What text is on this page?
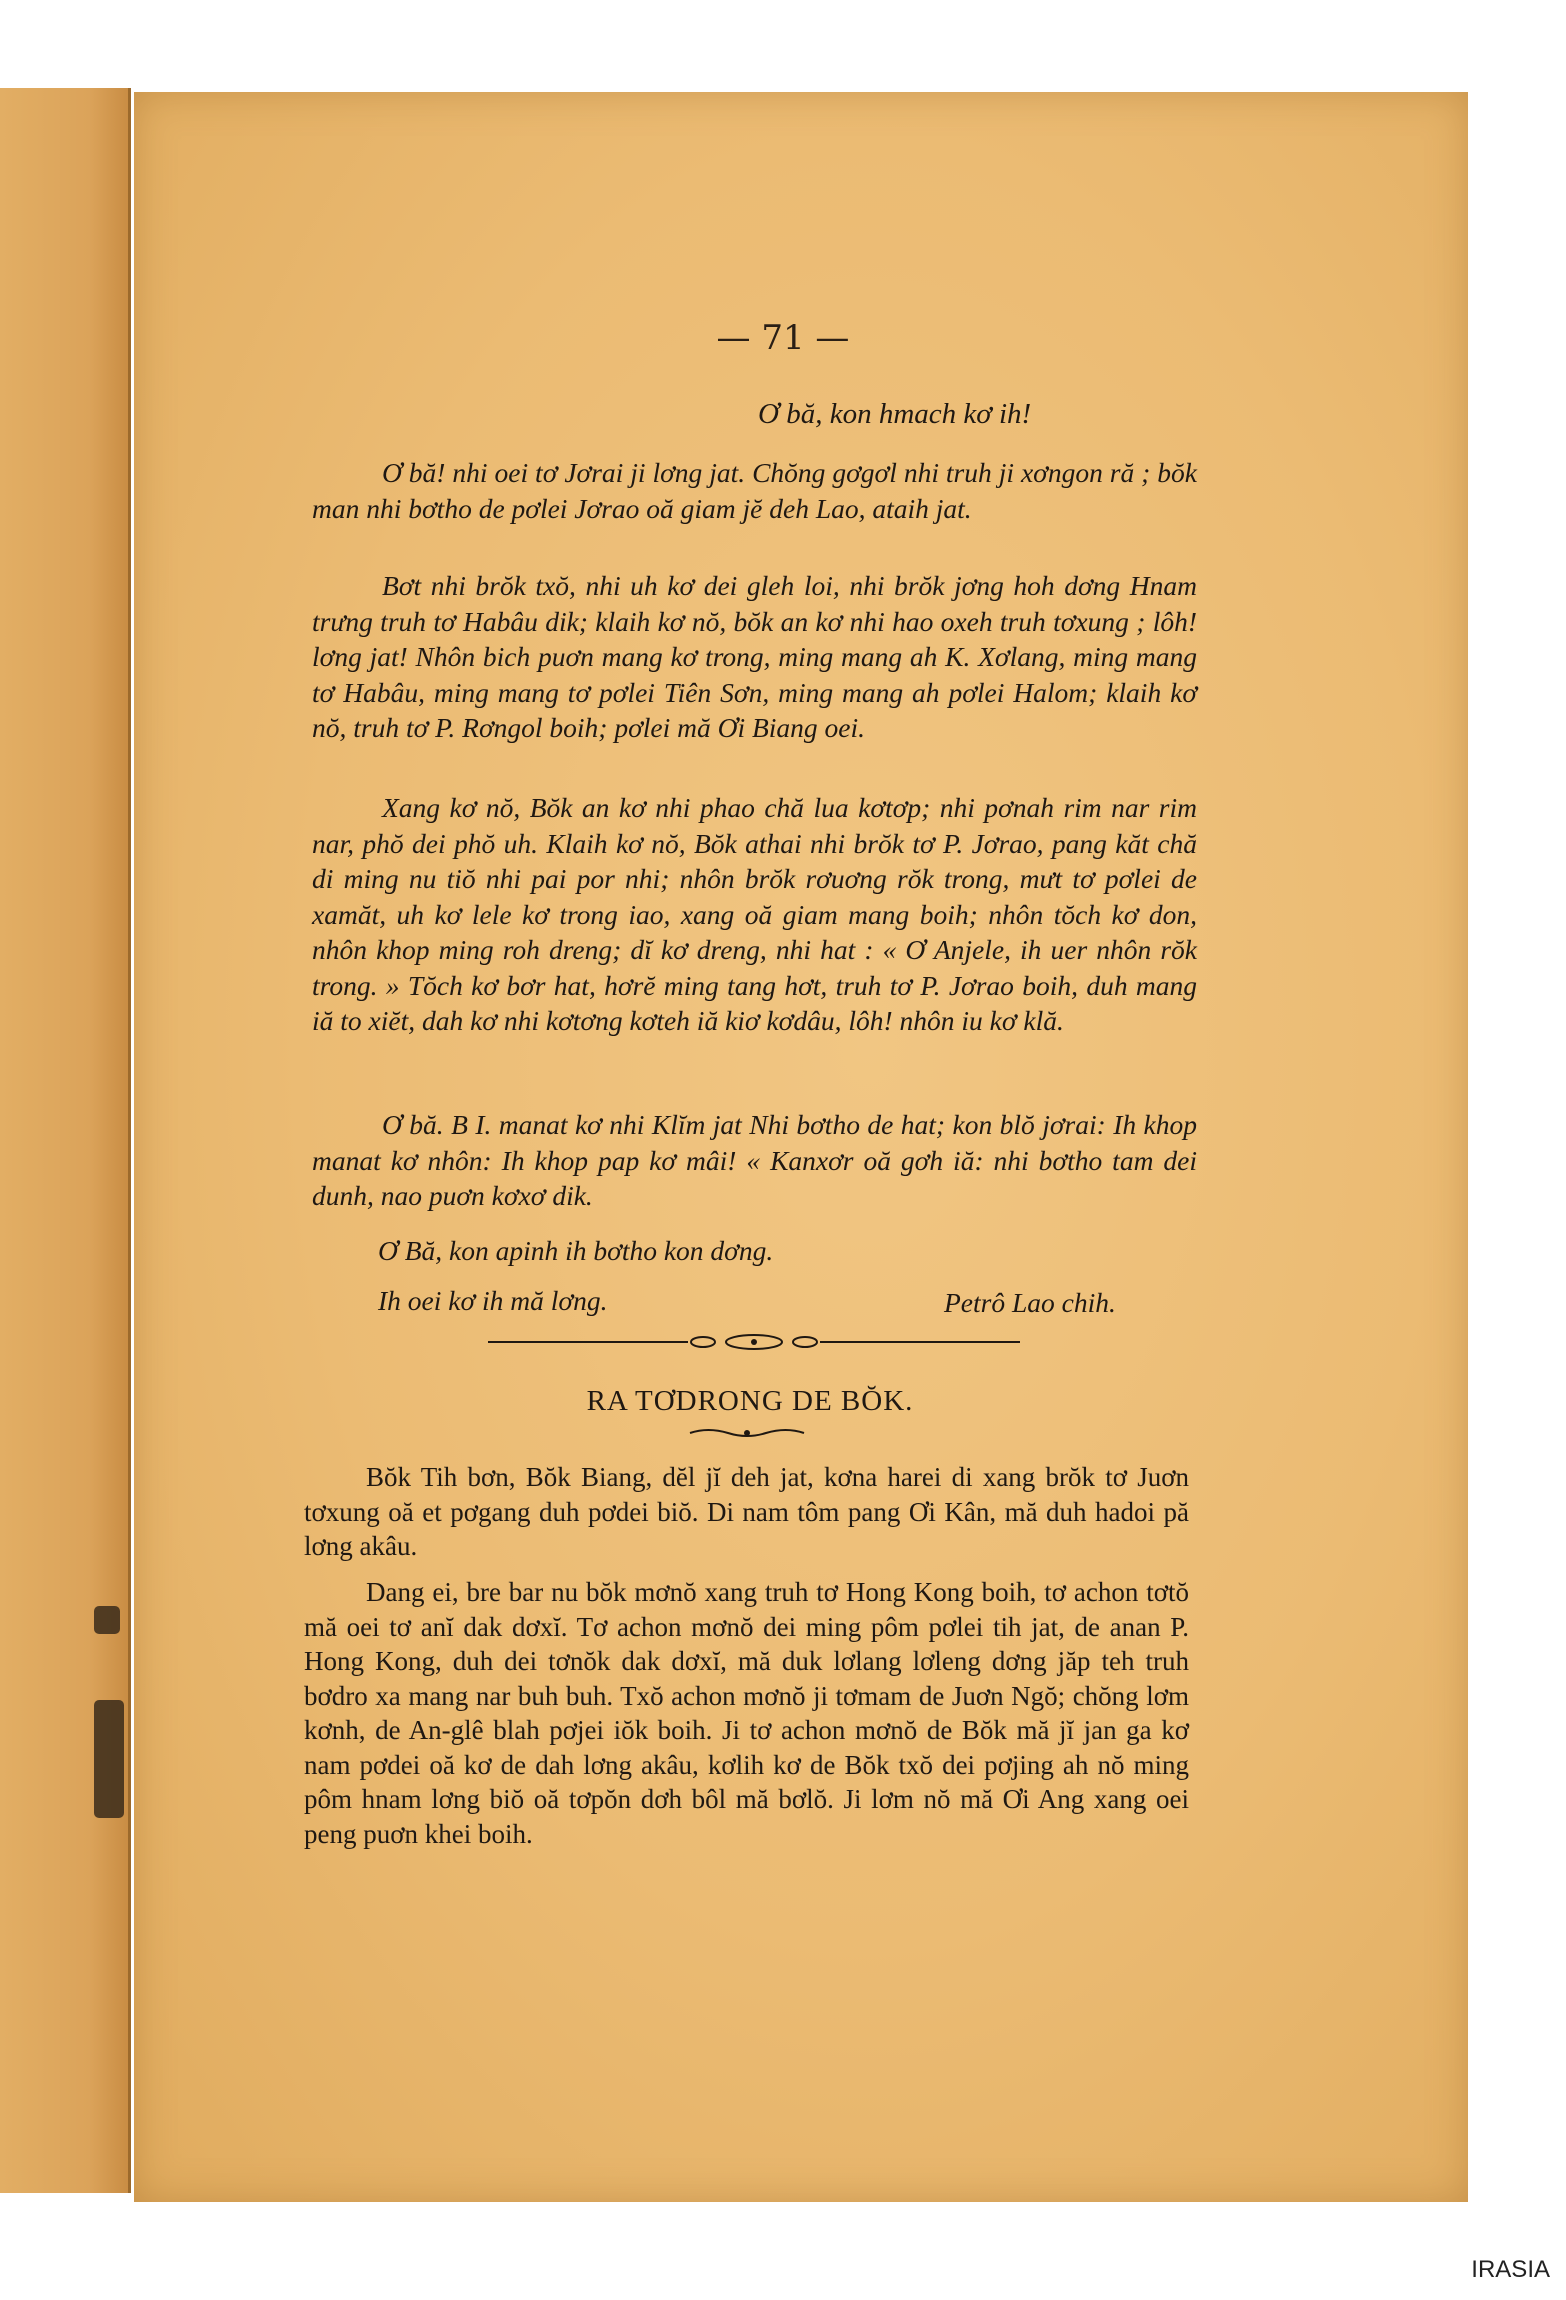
— 71 —
Ơ bă, kon hmach kơ ih!

Ơ bă! nhi oei tơ Jơrai ji lơng jat. Chŏng gơgơl nhi truh ji xơngon ră ; bŏk man nhi bơtho de pơlei Jơrao oă giam jĕ deh Lao, ataih jat.

Bơt nhi brŏk txŏ, nhi uh kơ dei gleh loi, nhi brŏk jơng hoh dơng Hnam trưng truh tơ Habâu dik; klaih kơ nŏ, bŏk an kơ nhi hao oxeh truh tơxung ; lôh! lơng jat! Nhôn bich puơn mang kơ trong, ming mang ah K. Xơlang, ming mang tơ Habâu, ming mang tơ pơlei Tiên Sơn, ming mang ah pơlei Halom; klaih kơ nŏ, truh tơ P. Rơngol boih; pơlei mă Ơi Biang oei.

Xang kơ nŏ, Bŏk an kơ nhi phao chă lua kơtơp; nhi pơnah rim nar rim nar, phŏ dei phŏ uh. Klaih kơ nŏ, Bŏk athai nhi brŏk tơ P. Jơrao, pang kăt chă di ming nu tiŏ nhi pai por nhi; nhôn brŏk rơuơng rŏk trong, mưt tơ pơlei de xamăt, uh kơ lele kơ trong iao, xang oă giam mang boih; nhôn tŏch kơ don, nhôn khop ming roh dreng; dĭ kơ dreng, nhi hat : « Ơ Anjele, ih uer nhôn rŏk trong. » Tŏch kơ bơr hat, hơrĕ ming tang hơt, truh tơ P. Jơrao boih, duh mang iă to xiĕt, dah kơ nhi kơtơng kơteh iă kiơ kơdâu, lôh! nhôn iu kơ klă.

Ơ bă. B I. manat kơ nhi Klĭm jat Nhi bơtho de hat; kon blŏ jơrai: Ih khop manat kơ nhôn: Ih khop pap kơ mâi! « Kanxơr oă gơh iă: nhi bơtho tam dei dunh, nao puơn kơxơ dik.

Ơ Bă, kon apinh ih bơtho kon dơng.
Ih oei kơ ih mă lơng.	Petrô Lao chih.
RA TƠDRONG DE BŎK.

Bŏk Tih bơn, Bŏk Biang, dĕl jĭ deh jat, kơna harei di xang brŏk tơ Juơn tơxung oă et pơgang duh pơdei biŏ. Di nam tôm pang Ơi Kân, mă duh hadoi pă lơng akâu.

Dang ei, bre bar nu bŏk mơnŏ xang truh tơ Hong Kong boih, tơ achon tơtŏ mă oei tơ anĭ dak dơxĭ. Tơ achon mơnŏ dei ming pôm pơlei tih jat, de anan P. Hong Kong, duh dei tơnŏk dak dơxĭ, mă duk lơlang lơleng dơng jăp teh truh bơdro xa mang nar buh buh. Txŏ achon mơnŏ ji tơmam de Juơn Ngŏ; chŏng lơm kơnh, de An-glê blah pơjei iŏk boih. Ji tơ achon mơnŏ de Bŏk mă jĭ jan ga kơ nam pơdei oă kơ de dah lơng akâu, kơlih kơ de Bŏk txŏ dei pơjing ah nŏ ming pôm hnam lơng biŏ oă tơpŏn dơh bôl mă bơlŏ. Ji lơm nŏ mă Ơi Ang xang oei peng puơn khei boih.

IRASIA
